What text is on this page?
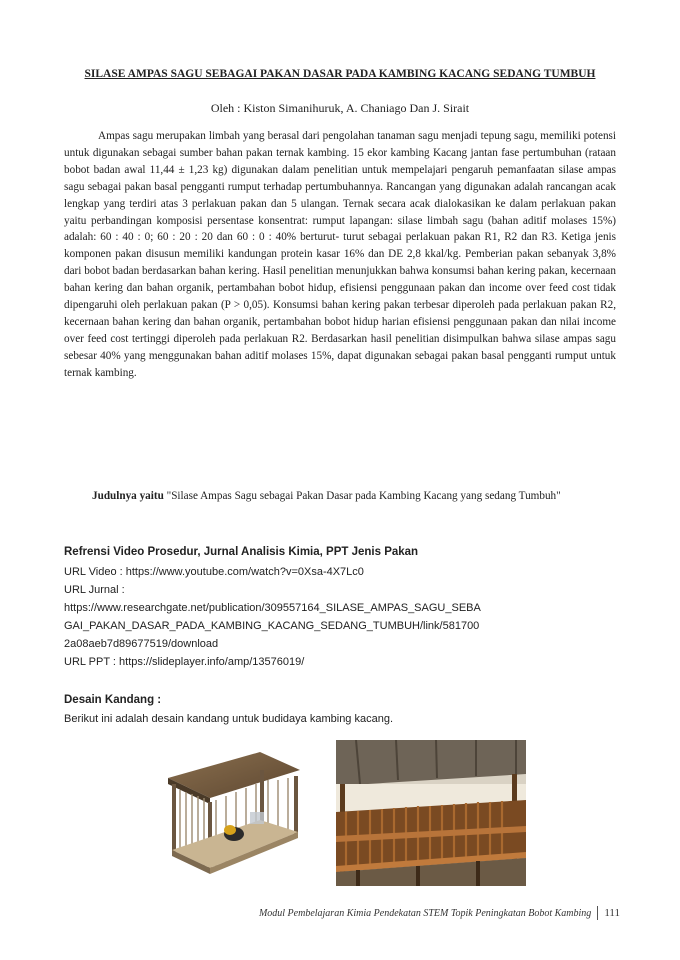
SILASE AMPAS SAGU SEBAGAI PAKAN DASAR PADA KAMBING KACANG SEDANG TUMBUH
Oleh : Kiston Simanihuruk, A. Chaniago Dan J. Sirait

Ampas sagu merupakan limbah yang berasal dari pengolahan tanaman sagu menjadi tepung sagu, memiliki potensi untuk digunakan sebagai sumber bahan pakan ternak kambing. 15 ekor kambing Kacang jantan fase pertumbuhan (rataan bobot badan awal 11,44 ± 1,23 kg) digunakan dalam penelitian untuk mempelajari pengaruh pemanfaatan silase ampas sagu sebagai pakan basal pengganti rumput terhadap pertumbuhannya. Rancangan yang digunakan adalah rancangan acak lengkap yang terdiri atas 3 perlakuan pakan dan 5 ulangan. Ternak secara acak dialokasikan ke dalam perlakuan pakan yaitu perbandingan komposisi persentase konsentrat: rumput lapangan: silase limbah sagu (bahan aditif molases 15%) adalah: 60 : 40 : 0; 60 : 20 : 20 dan 60 : 0 : 40% berturut- turut sebagai perlakuan pakan R1, R2 dan R3. Ketiga jenis komponen pakan disusun memiliki kandungan protein kasar 16% dan DE 2,8 kkal/kg. Pemberian pakan sebanyak 3,8% dari bobot badan berdasarkan bahan kering. Hasil penelitian menunjukkan bahwa konsumsi bahan kering pakan, kecernaan bahan kering dan bahan organik, pertambahan bobot hidup, efisiensi penggunaan pakan dan income over feed cost tidak dipengaruhi oleh perlakuan pakan (P > 0,05). Konsumsi bahan kering pakan terbesar diperoleh pada perlakuan pakan R2, kecernaan bahan kering dan bahan organik, pertambahan bobot hidup harian efisiensi penggunaan pakan dan nilai income over feed cost tertinggi diperoleh pada perlakuan R2. Berdasarkan hasil penelitian disimpulkan bahwa silase ampas sagu sebesar 40% yang menggunakan bahan aditif molases 15%, dapat digunakan sebagai pakan basal pengganti rumput untuk ternak kambing.

Judulnya yaitu "Silase Ampas Sagu sebagai Pakan Dasar pada Kambing Kacang yang sedang Tumbuh"

Refrensi Video Prosedur, Jurnal Analisis Kimia, PPT Jenis Pakan
URL Video : https://www.youtube.com/watch?v=0Xsa-4X7Lc0
URL Jurnal :
https://www.researchgate.net/publication/309557164_SILASE_AMPAS_SAGU_SEBA
GAI_PAKAN_DASAR_PADA_KAMBING_KACANG_SEDANG_TUMBUH/link/581700
2a08aeb7d89677519/download
URL PPT : https://slideplayer.info/amp/13576019/
Desain Kandang :
Berikut ini adalah desain kandang untuk budidaya kambing kacang.
Modul Pembelajaran Kimia Pendekatan STEM Topik Peningkatan Bobot Kambing 111
